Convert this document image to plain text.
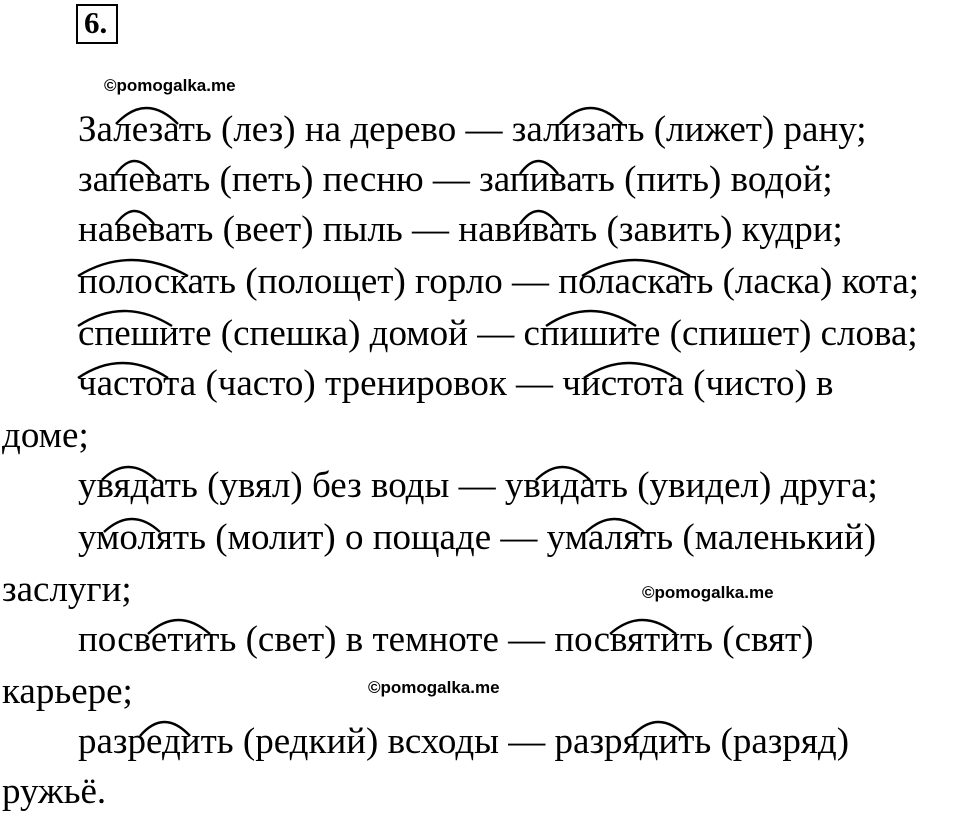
6.
©pomogalka.me
©pomogalka.me
©pomogalka.me
Залезать (лез) на дерево — зализать (лижет) рану;
запевать (петь) песню — запивать (пить) водой;
навевать (веет) пыль — нaвивать (завить) кудри;
полоскать (полощет) горло — поласкать (ласка) кота;
спешите (спешка) домой — спишите (спишет) слова;
частота (часто) тренировок — чистота (чисто) в
доме;
увядать (увял) без воды — увидать (увидел) друга;
умолять (молит) о пощаде — умалять (маленький)
заслуги;
посветить (свет) в темноте — посвятить (свят)
карьере;
разредить (редкий) всходы — разрядить (разряд)
ружьё.
